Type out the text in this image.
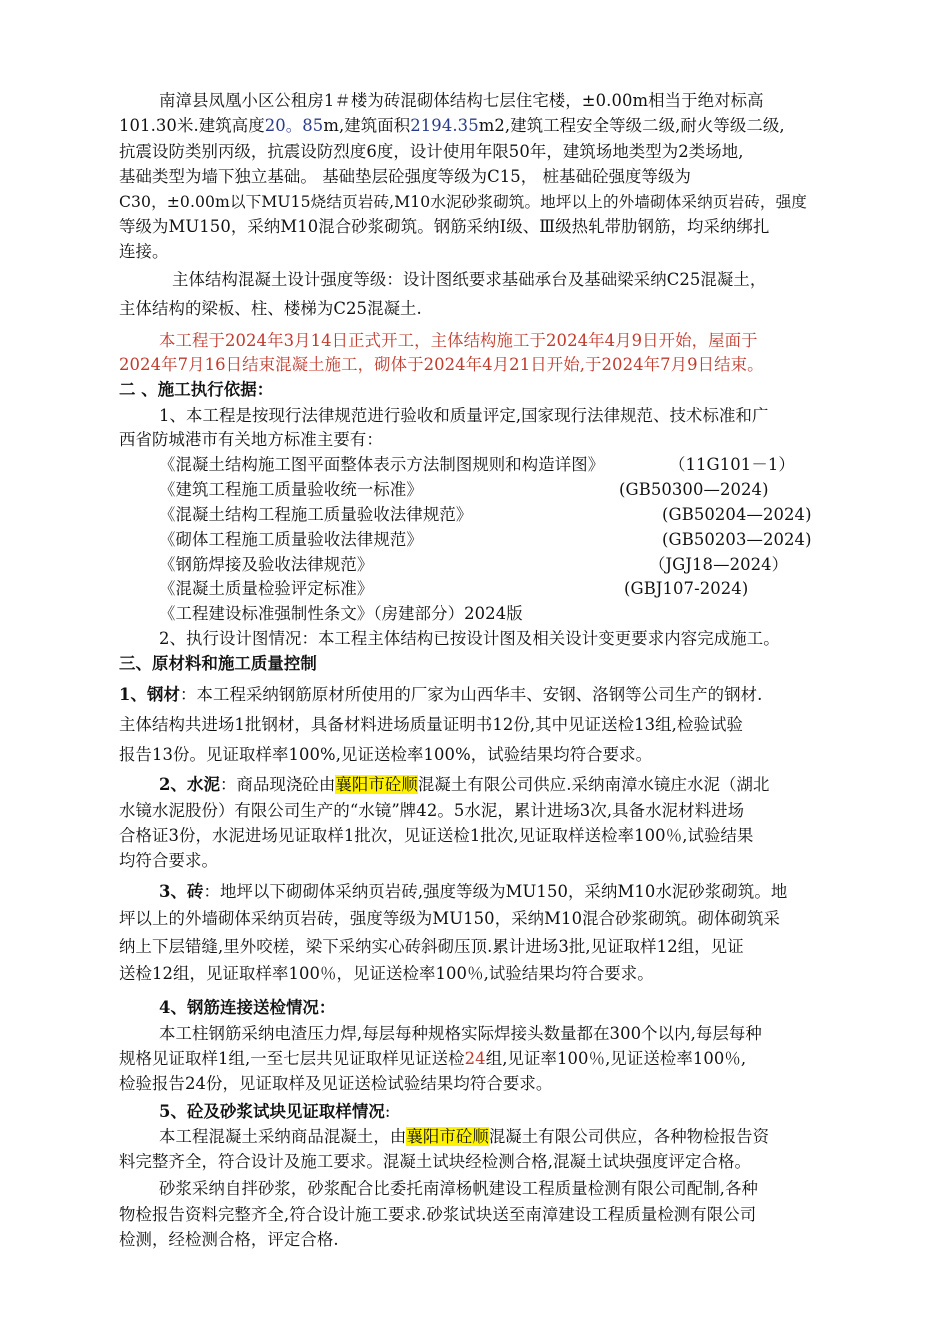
南漳县凤凰小区公租房1＃楼为砖混砌体结构七层住宅楼，±0.00m相当于绝对标高
101.30米.建筑高度20。85m,建筑面积2194.35m2,建筑工程安全等级二级,耐火等级二级,
抗震设防类别丙级，抗震设防烈度6度，设计使用年限50年，建筑场地类型为2类场地,
基础类型为墙下独立基础。 基础垫层砼强度等级为C15， 桩基础砼强度等级为
C30，±0.00m以下MU15烧结页岩砖,M10水泥砂浆砌筑。地坪以上的外墙砌体采纳页岩砖，强度
等级为MU150，采纳M10混合砂浆砌筑。钢筋采纳Ⅰ级、Ⅲ级热轧带肋钢筋，均采纳绑扎
连接。
主体结构混凝土设计强度等级：设计图纸要求基础承台及基础梁采纳C25混凝土，
主体结构的梁板、柱、楼梯为C25混凝土.
本工程于2024年3月14日正式开工，主体结构施工于2024年4月9日开始，屋面于
2024年7月16日结束混凝土施工，砌体于2024年4月21日开始,于2024年7月9日结束。
二 、施工执行依据：
1、本工程是按现行法律规范进行验收和质量评定,国家现行法律规范、技术标准和广
西省防城港市有关地方标准主要有：
《混凝土结构施工图平面整体表示方法制图规则和构造详图》	（11G101－1）
《建筑工程施工质量验收统一标准》	(GB50300—2024)
《混凝土结构工程施工质量验收法律规范》	(GB50204—2024)
《砌体工程施工质量验收法律规范》	(GB50203—2024)
《钢筋焊接及验收法律规范》	（JGJ18—2024）
《混凝土质量检验评定标准》	(GBJ107-2024)
《工程建设标准强制性条文》（房建部分）2024版
2、执行设计图情况：本工程主体结构已按设计图及相关设计变更要求内容完成施工。
三、原材料和施工质量控制
1、钢材：本工程采纳钢筋原材所使用的厂家为山西华丰、安钢、洛钢等公司生产的钢材.
主体结构共进场1批钢材，具备材料进场质量证明书12份,其中见证送检13组,检验试验
报告13份。见证取样率100%,见证送检率100%，试验结果均符合要求。
2、水泥：商品现浇砼由襄阳市砼顺混凝土有限公司供应.采纳南漳水镜庄水泥（湖北
水镜水泥股份）有限公司生产的“水镜”牌42。5水泥，累计进场3次,具备水泥材料进场
合格证3份，水泥进场见证取样1批次，见证送检1批次,见证取样送检率100％,试验结果
均符合要求。
3、砖：地坪以下砌砌体采纳页岩砖,强度等级为MU150，采纳M10水泥砂浆砌筑。地
坪以上的外墙砌体采纳页岩砖，强度等级为MU150，采纳M10混合砂浆砌筑。砌体砌筑采
纳上下层错缝,里外咬槎，梁下采纳实心砖斜砌压顶.累计进场3批,见证取样12组，见证
送检12组，见证取样率100％，见证送检率100％,试验结果均符合要求。
4、钢筋连接送检情况：
本工柱钢筋采纳电渣压力焊,每层每种规格实际焊接头数量都在300个以内,每层每种
规格见证取样1组,一至七层共见证取样见证送检24组,见证率100％,见证送检率100％,
检验报告24份，见证取样及见证送检试验结果均符合要求。
5、砼及砂浆试块见证取样情况:
本工程混凝土采纳商品混凝土，由襄阳市砼顺混凝土有限公司供应，各种物检报告资
料完整齐全，符合设计及施工要求。混凝土试块经检测合格,混凝土试块强度评定合格。
砂浆采纳自拌砂浆，砂浆配合比委托南漳杨帆建设工程质量检测有限公司配制,各种
物检报告资料完整齐全,符合设计施工要求.砂浆试块送至南漳建设工程质量检测有限公司
检测，经检测合格，评定合格.
